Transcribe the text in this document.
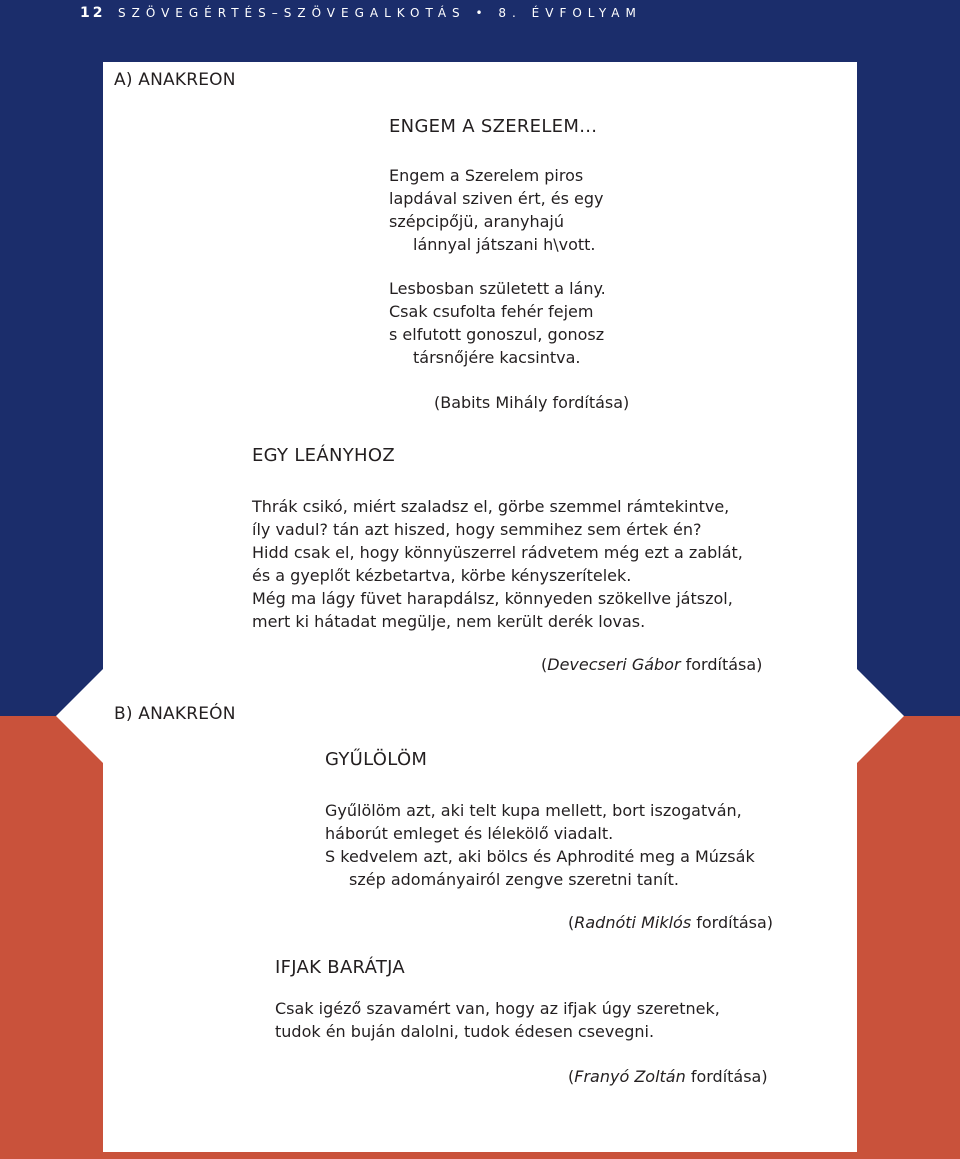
12 SZÖVEGÉRTÉS–SZÖVEGALKOTÁS • 8. ÉVFOLYAM
A) ANAKREON
ENGEM A SZERELEM...
Engem a Szerelem piros
lapdával sziven ért, és egy
szépcipőjü, aranyhajú
lánnyal játszani h\vott.
Lesbosban született a lány.
Csak csufolta fehér fejem
s elfutott gonoszul, gonosz
társnőjére kacsintva.
(Babits Mihály fordítása)
EGY LEÁNYHOZ
Thrák csikó, miért szaladsz el, görbe szemmel rámtekintve,
íly vadul? tán azt hiszed, hogy semmihez sem értek én?
Hidd csak el, hogy könnyüszerrel rádvetem még ezt a zablát,
és a gyeplőt kézbetartva, körbe kényszerítelek.
Még ma lágy füvet harapdálsz, könnyeden szökellve játszol,
mert ki hátadat megülje, nem került derék lovas.
(Devecseri Gábor fordítása)
B) ANAKREÓN
GYŰLÖLÖM
Gyűlölöm azt, aki telt kupa mellett, bort iszogatván,
háborút emleget és lélekölő viadalt.
S kedvelem azt, aki bölcs és Aphrodité meg a Múzsák
szép adományairól zengve szeretni tanít.
(Radnóti Miklós fordítása)
IFJAK BARÁTJA
Csak igéző szavamért van, hogy az ifjak úgy szeretnek,
tudok én buján dalolni, tudok édesen csevegni.
(Franyó Zoltán fordítása)
